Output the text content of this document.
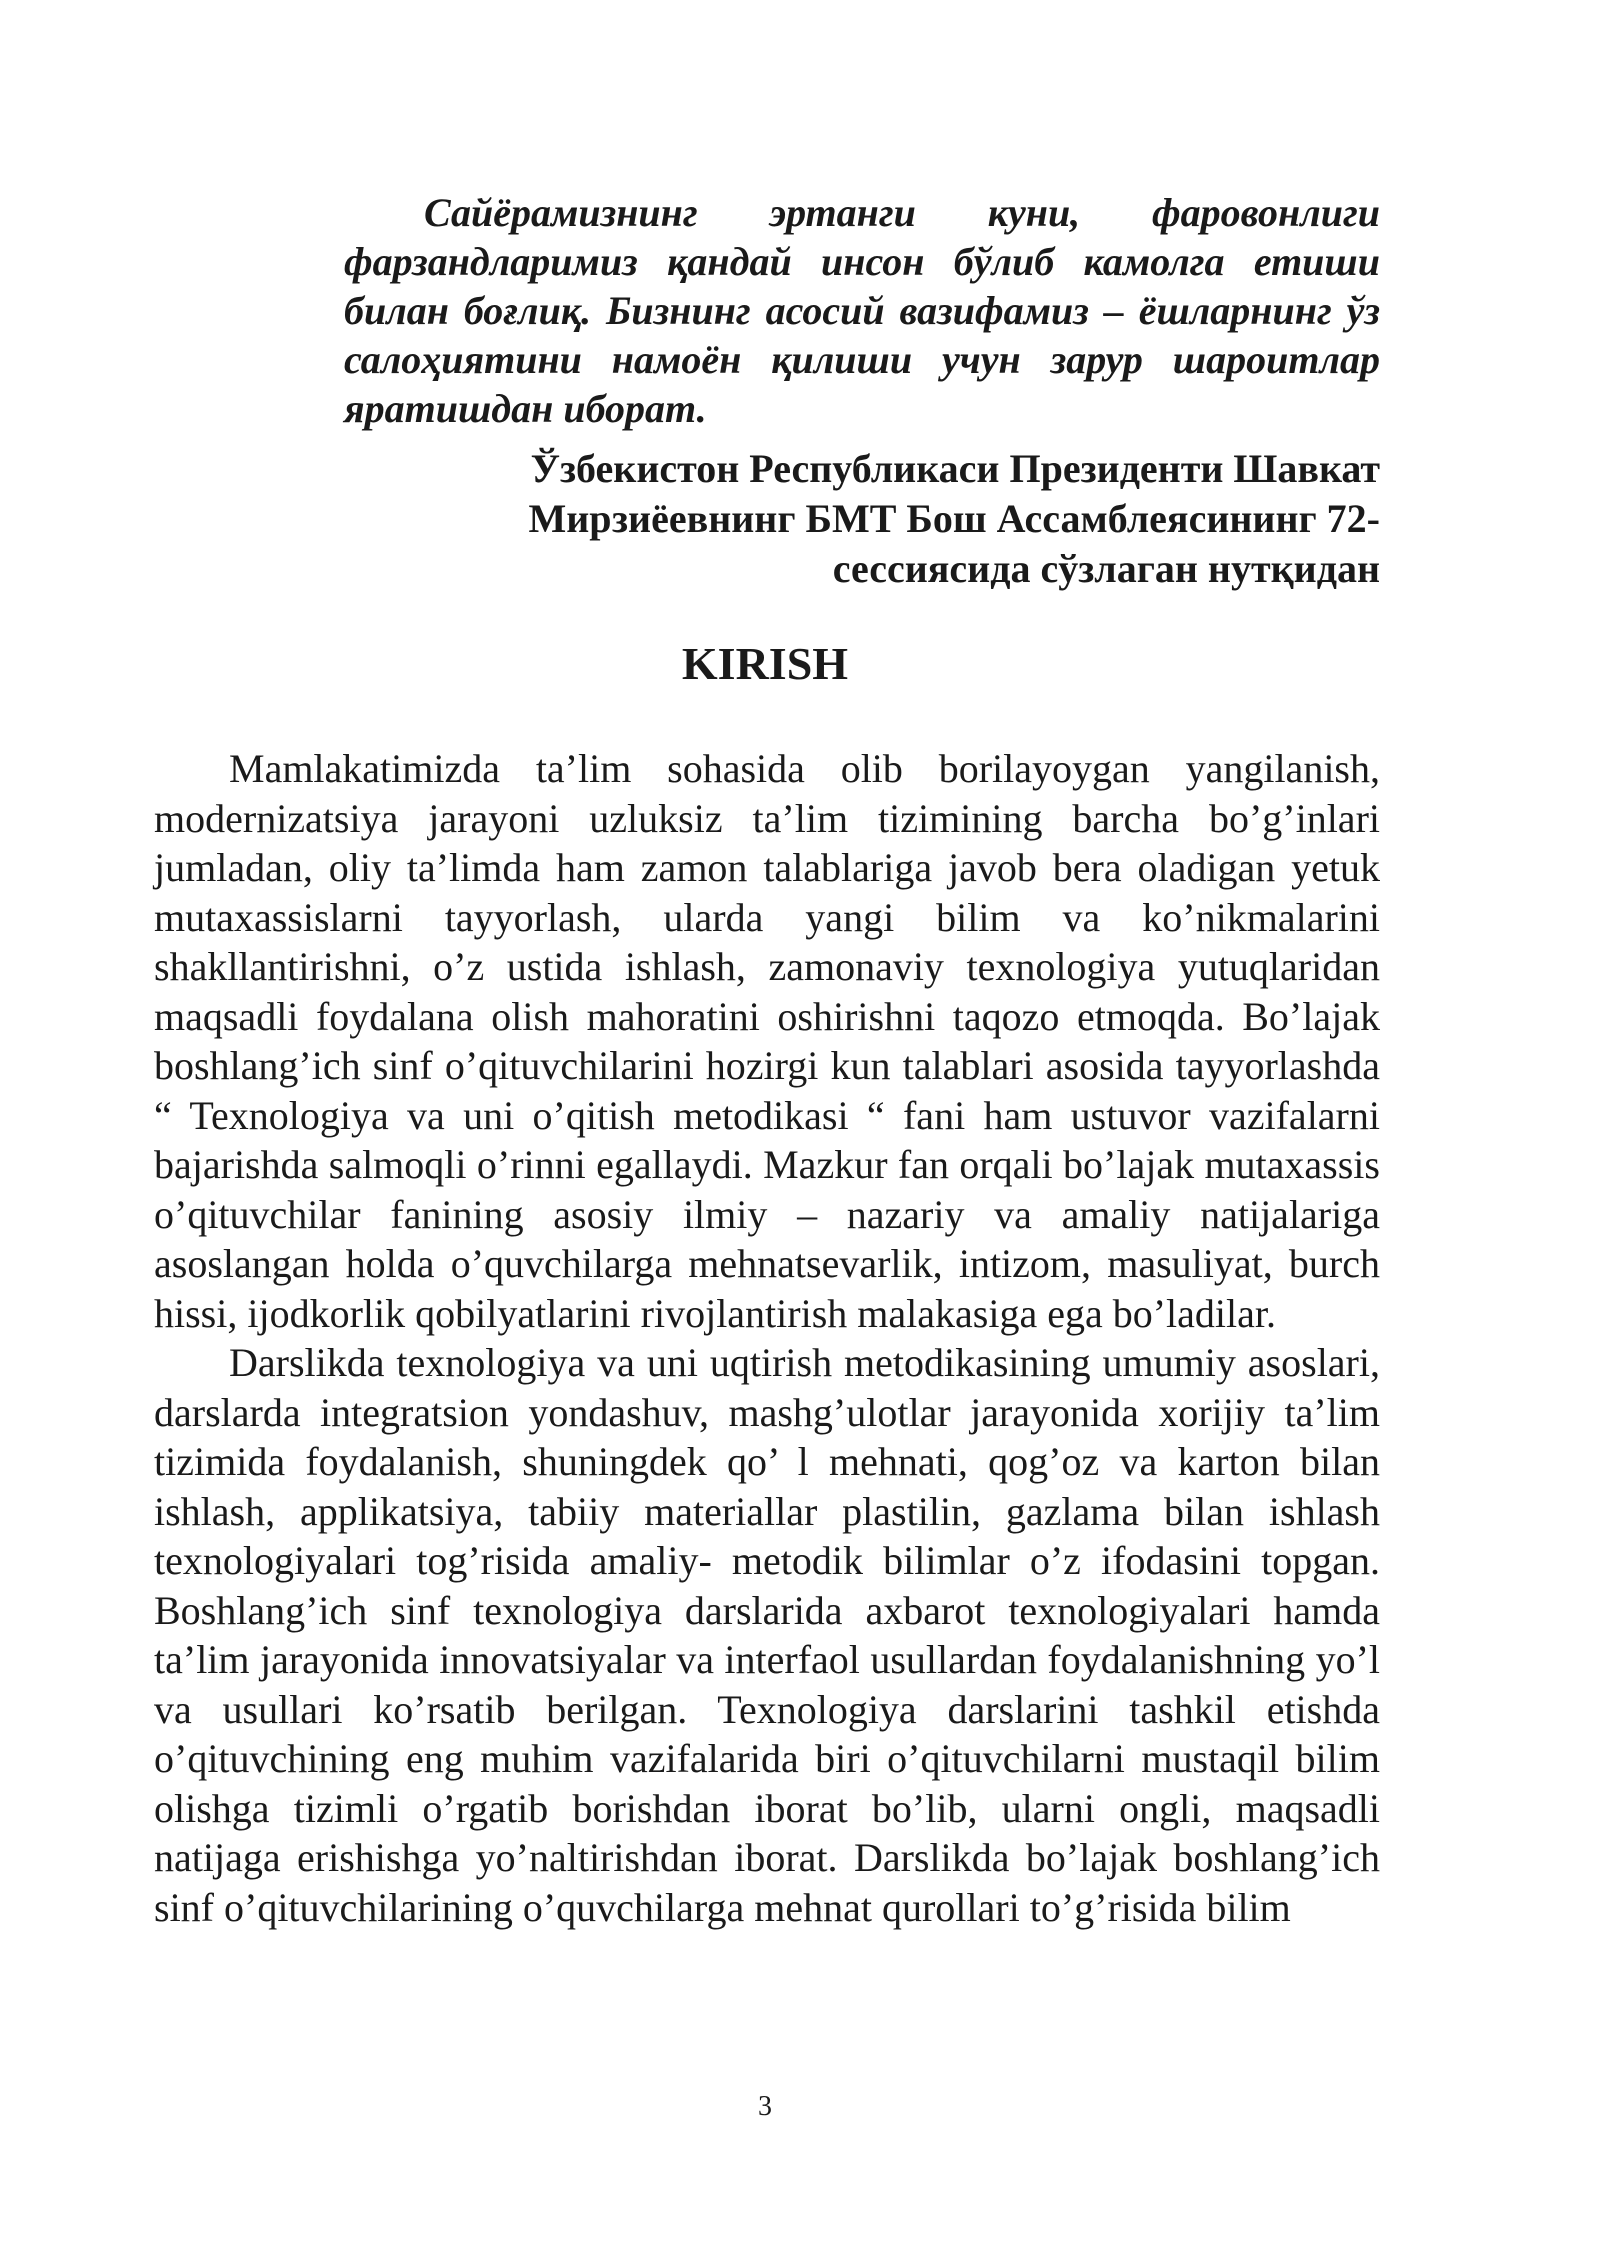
Сайёрамизнинг эртанги куни, фаровонлиги фарзандларимиз қандай инсон бўлиб камолга етиши билан боғлиқ. Бизнинг асосий вазифамиз – ёшларнинг ўз салоҳиятини намоён қилиши учун зарур шароитлар яратишдан иборат.

Ўзбекистон Республикаси Президенти Шавкат
Мирзиёевнинг БМТ Бош Ассамблеясининг 72-
сессиясида сўзлаган нутқидан
KIRISH

Mamlakatimizda ta’lim sohasida olib borilayoygan yangilanish, modernizatsiya jarayoni uzluksiz ta’lim tizimining barcha bo’g’inlari jumladan, oliy ta’limda ham zamon talablariga javob bera oladigan yetuk mutaxassislarni tayyorlash, ularda yangi bilim va ko’nikmalarini shakllantirishni, o’z ustida ishlash, zamonaviy texnologiya yutuqlaridan maqsadli foydalana olish mahoratini oshirishni taqozo etmoqda. Bo’lajak boshlang’ich sinf o’qituvchilarini hozirgi kun talablari asosida tayyorlashda “ Texnologiya va uni o’qitish metodikasi “ fani ham ustuvor vazifalarni bajarishda salmoqli o’rinni egallaydi. Mazkur fan orqali bo’lajak mutaxassis o’qituvchilar fanining asosiy ilmiy – nazariy va amaliy natijalariga asoslangan holda o’quvchilarga mehnatsevarlik, intizom, masuliyat, burch hissi, ijodkorlik qobilyatlarini rivojlantirish malakasiga ega bo’ladilar.

Darslikda texnologiya va uni uqtirish metodikasining umumiy asoslari, darslarda integratsion yondashuv, mashg’ulotlar jarayonida xorijiy ta’lim tizimida foydalanish, shuningdek qo’ l mehnati, qog’oz va karton bilan ishlash, applikatsiya, tabiiy materiallar plastilin, gazlama bilan ishlash texnologiyalari tog’risida amaliy- metodik bilimlar o’z ifodasini topgan. Boshlang’ich sinf texnologiya darslarida axbarot texnologiyalari hamda ta’lim jarayonida innovatsiyalar va interfaol usullardan foydalanishning yo’l va usullari ko’rsatib berilgan. Texnologiya darslarini tashkil etishda o’qituvchining eng muhim vazifalarida biri o’qituvchilarni mustaqil bilim olishga tizimli o’rgatib borishdan iborat bo’lib, ularni ongli, maqsadli natijaga erishishga yo’naltirishdan iborat. Darslikda bo’lajak boshlang’ich sinf o’qituvchilarining o’quvchilarga mehnat qurollari to’g’risida bilim

3
